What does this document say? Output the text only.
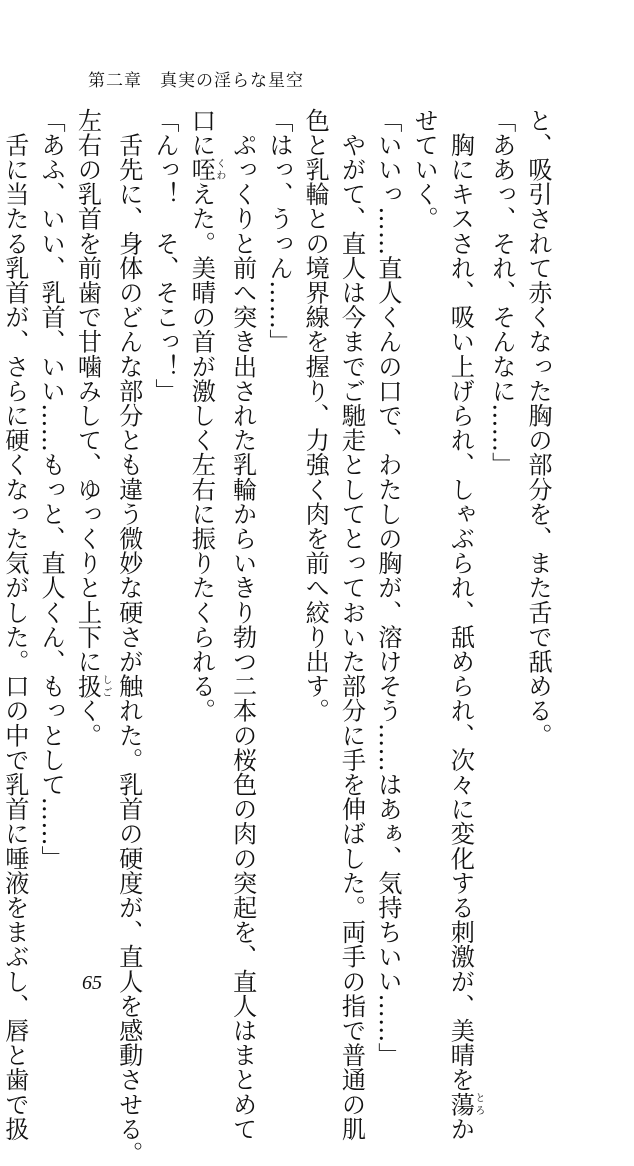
第二章　真実の淫らな星空
と、吸引されて赤くなった胸の部分を、また舌で舐める。
「ああっ、それ、そんなに……」
　胸にキスされ、吸い上げられ、しゃぶられ、舐められ、次々に変化する刺激が、美晴を蕩とろか
せていく。
「いいっ……直人くんの口で、わたしの胸が、溶けそう……はあぁ、気持ちいい……」
　やがて、直人は今までご馳走としてとっておいた部分に手を伸ばした。両手の指で普通の肌
色と乳輪との境界線を握り、力強く肉を前へ絞り出す。
「はっ、うっん……」
　ぷっくりと前へ突き出された乳輪からいきり勃つ二本の桜色の肉の突起を、直人はまとめて
口に咥くわえた。美晴の首が激しく左右に振りたくられる。
「んっ！　そ、そこっ！」
　舌先に、身体のどんな部分とも違う微妙な硬さが触れた。乳首の硬度が、直人を感動させる。
左右の乳首を前歯で甘噛みして、ゆっくりと上下に扱しごく。
「あふ、いい、乳首、いい……もっと、直人くん、もっとして……」
　舌に当たる乳首が、さらに硬くなった気がした。口の中で乳首に唾液をまぶし、唇と歯で扱	65
